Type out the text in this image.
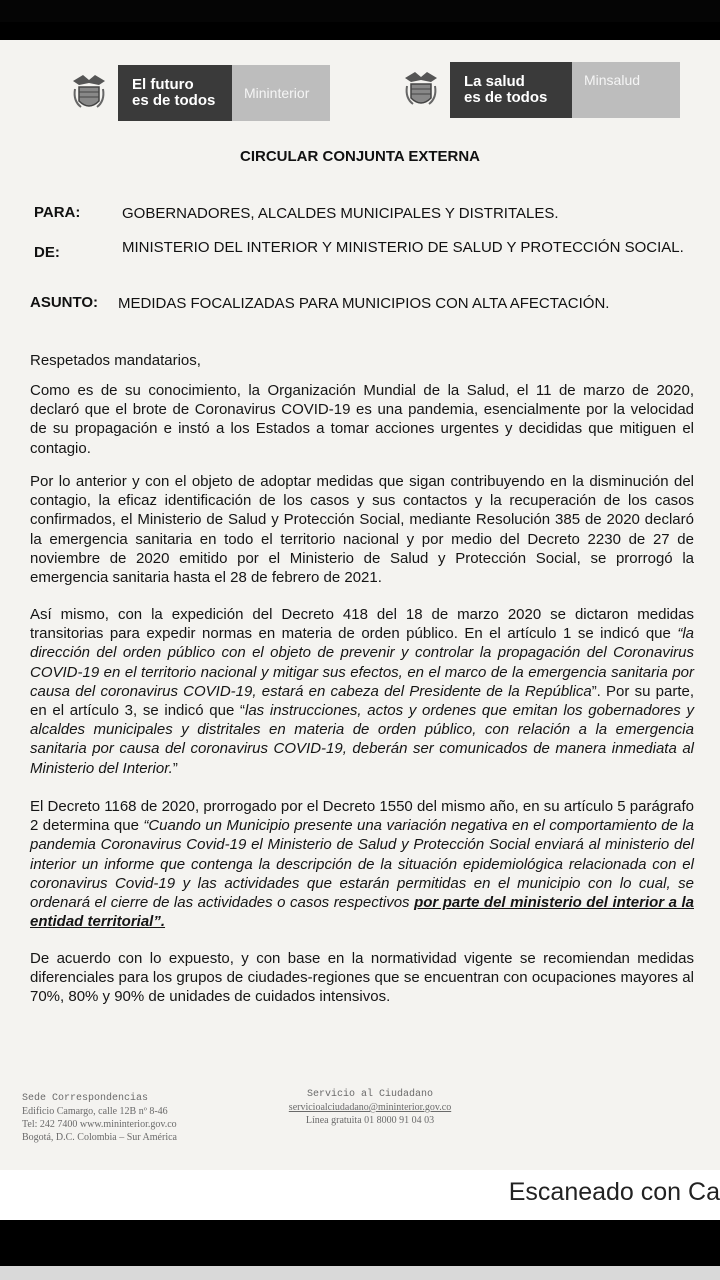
El futuro
es de todos	Mininterior
La salud
es de todos
Minsalud
CIRCULAR CONJUNTA EXTERNA
PARA:	GOBERNADORES, ALCALDES MUNICIPALES Y DISTRITALES.
DE:	MINISTERIO DEL INTERIOR Y MINISTERIO DE SALUD Y PROTECCIÓN SOCIAL.
ASUNTO: MEDIDAS FOCALIZADAS PARA MUNICIPIOS CON ALTA AFECTACIÓN.
Respetados mandatarios,
Como es de su conocimiento, la Organización Mundial de la Salud, el 11 de marzo de 2020, declaró que el brote de Coronavirus COVID-19 es una pandemia, esencialmente por la velocidad de su propagación e instó a los Estados a tomar acciones urgentes y decididas que mitiguen el contagio.
Por lo anterior y con el objeto de adoptar medidas que sigan contribuyendo en la disminución del contagio, la eficaz identificación de los casos y sus contactos y la recuperación de los casos confirmados, el Ministerio de Salud y Protección Social, mediante Resolución 385 de 2020 declaró la emergencia sanitaria en todo el territorio nacional y por medio del Decreto 2230 de 27 de noviembre de 2020 emitido por el Ministerio de Salud y Protección Social, se prorrogó la emergencia sanitaria hasta el 28 de febrero de 2021.
Así mismo, con la expedición del Decreto 418 del 18 de marzo 2020 se dictaron medidas transitorias para expedir normas en materia de orden público. En el artículo 1 se indicó que “la dirección del orden público con el objeto de prevenir y controlar la propagación del Coronavirus COVID-19 en el territorio nacional y mitigar sus efectos, en el marco de la emergencia sanitaria por causa del coronavirus COVID-19, estará en cabeza del Presidente de la República”. Por su parte, en el artículo 3, se indicó que “las instrucciones, actos y ordenes que emitan los gobernadores y alcaldes municipales y distritales en materia de orden público, con relación a la emergencia sanitaria por causa del coronavirus COVID-19, deberán ser comunicados de manera inmediata al Ministerio del Interior.”
El Decreto 1168 de 2020, prorrogado por el Decreto 1550 del mismo año, en su artículo 5 parágrafo 2 determina que “Cuando un Municipio presente una variación negativa en el comportamiento de la pandemia Coronavirus Covid-19 el Ministerio de Salud y Protección Social enviará al ministerio del interior un informe que contenga la descripción de la situación epidemiológica relacionada con el coronavirus Covid-19 y las actividades que estarán permitidas en el municipio con lo cual, se ordenará el cierre de las actividades o casos respectivos por parte del ministerio del interior a la entidad territorial”.
De acuerdo con lo expuesto, y con base en la normatividad vigente se recomiendan medidas diferenciales para los grupos de ciudades-regiones que se encuentran con ocupaciones mayores al 70%, 80% y 90% de unidades de cuidados intensivos.
Sede Correspondencias
Edificio Camargo, calle 12B nº 8-46
Tel: 242 7400 www.mininterior.gov.co
Bogotá, D.C. Colombia – Sur América
Servicio al Ciudadano
servicioalciudadano@mininterior.gov.co
Línea gratuita 01 8000 91 04 03
Escaneado con Ca
